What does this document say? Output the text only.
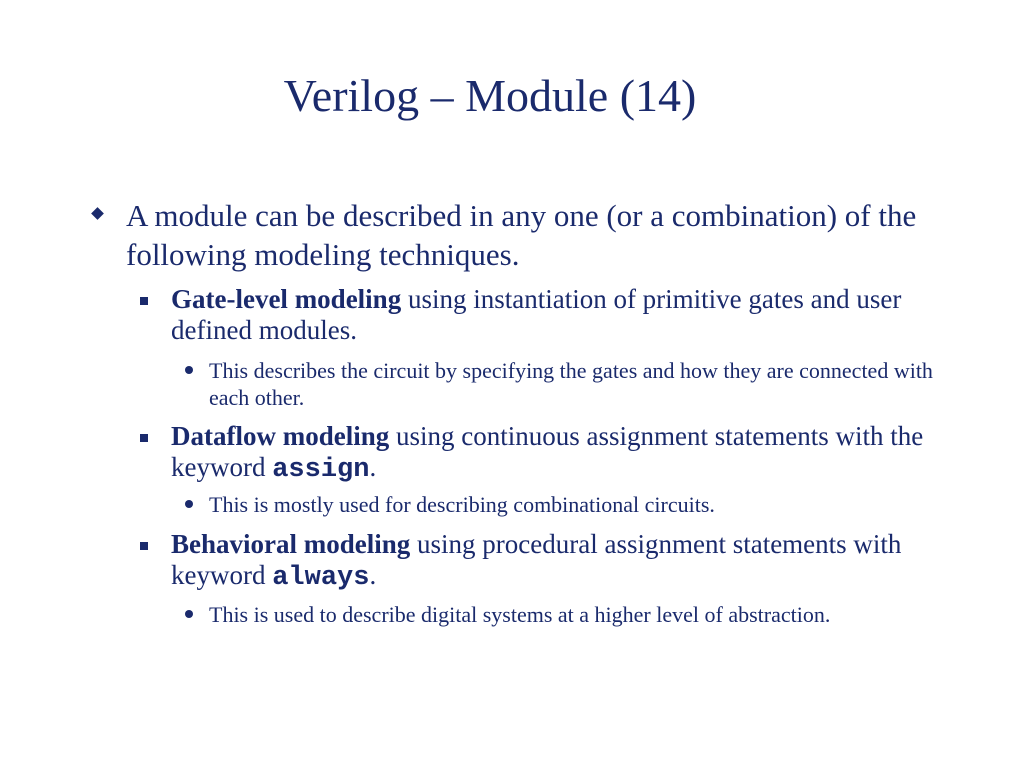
Verilog – Module (14)
A module can be described in any one (or a combination) of the following modeling techniques.
Gate-level modeling using instantiation of primitive gates and user defined modules.
This describes the circuit by specifying the gates and how they are connected with each other.
Dataflow modeling using continuous assignment statements with the keyword assign.
This is mostly used for describing combinational circuits.
Behavioral modeling using procedural assignment statements with keyword always.
This is used to describe digital systems at a higher level of abstraction.
